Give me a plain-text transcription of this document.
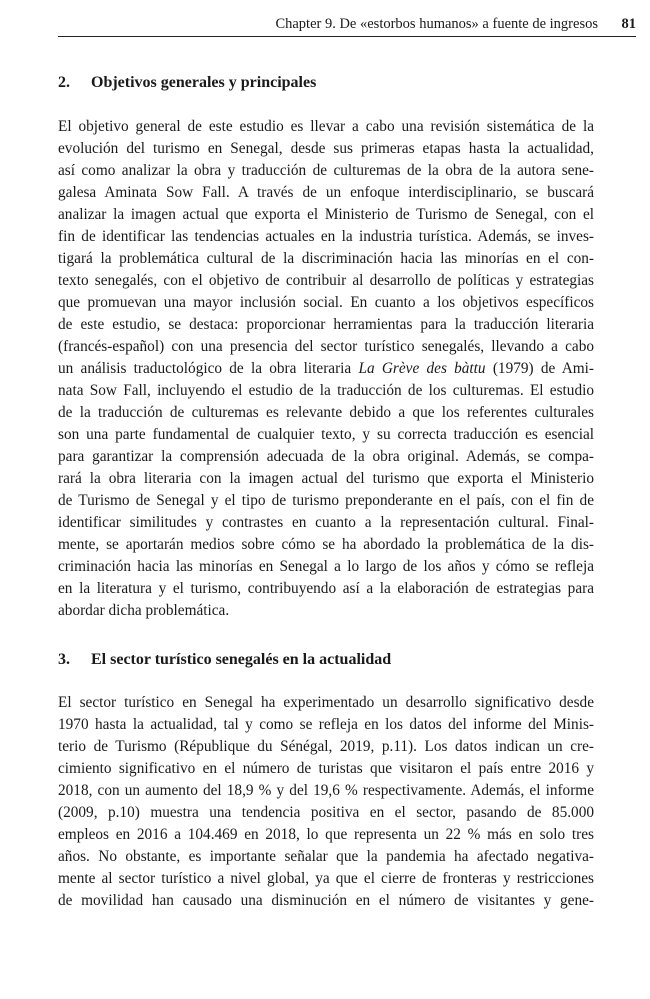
Chapter 9. De «estorbos humanos» a fuente de ingresos 81
2. Objetivos generales y principales
El objetivo general de este estudio es llevar a cabo una revisión sistemática de la
evolución del turismo en Senegal, desde sus primeras etapas hasta la actualidad,
así como analizar la obra y traducción de culturemas de la obra de la autora sene-
galesa Aminata Sow Fall. A través de un enfoque interdisciplinario, se buscará
analizar la imagen actual que exporta el Ministerio de Turismo de Senegal, con el
fin de identificar las tendencias actuales en la industria turística. Además, se inves-
tigará la problemática cultural de la discriminación hacia las minorías en el con-
texto senegalés, con el objetivo de contribuir al desarrollo de políticas y estrategias
que promuevan una mayor inclusión social. En cuanto a los objetivos específicos
de este estudio, se destaca: proporcionar herramientas para la traducción literaria
(francés-español) con una presencia del sector turístico senegalés, llevando a cabo
un análisis traductológico de la obra literaria La Grève des bàttu (1979) de Ami-
nata Sow Fall, incluyendo el estudio de la traducción de los culturemas. El estudio
de la traducción de culturemas es relevante debido a que los referentes culturales
son una parte fundamental de cualquier texto, y su correcta traducción es esencial
para garantizar la comprensión adecuada de la obra original. Además, se compa-
rará la obra literaria con la imagen actual del turismo que exporta el Ministerio
de Turismo de Senegal y el tipo de turismo preponderante en el país, con el fin de
identificar similitudes y contrastes en cuanto a la representación cultural. Final-
mente, se aportarán medios sobre cómo se ha abordado la problemática de la dis-
criminación hacia las minorías en Senegal a lo largo de los años y cómo se refleja
en la literatura y el turismo, contribuyendo así a la elaboración de estrategias para
abordar dicha problemática.
3. El sector turístico senegalés en la actualidad
El sector turístico en Senegal ha experimentado un desarrollo significativo desde
1970 hasta la actualidad, tal y como se refleja en los datos del informe del Minis-
terio de Turismo (République du Sénégal, 2019, p.11). Los datos indican un cre-
cimiento significativo en el número de turistas que visitaron el país entre 2016 y
2018, con un aumento del 18,9 % y del 19,6 % respectivamente. Además, el informe
(2009, p.10) muestra una tendencia positiva en el sector, pasando de 85.000
empleos en 2016 a 104.469 en 2018, lo que representa un 22 % más en solo tres
años. No obstante, es importante señalar que la pandemia ha afectado negativa-
mente al sector turístico a nivel global, ya que el cierre de fronteras y restricciones
de movilidad han causado una disminución en el número de visitantes y gene-
